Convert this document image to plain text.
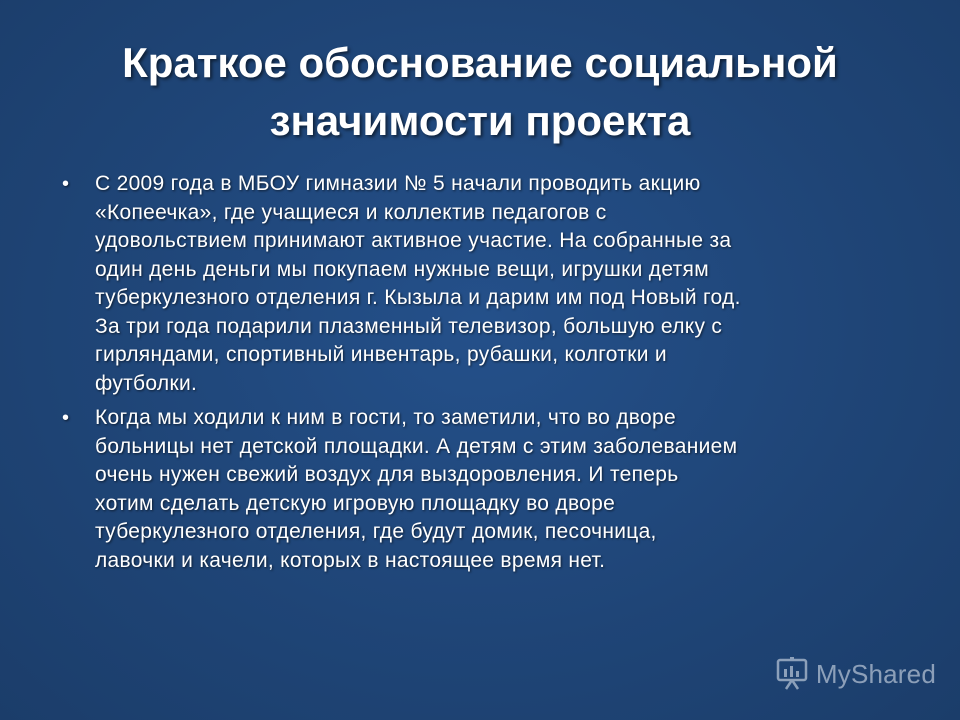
Краткое обоснование социальной
значимости проекта
• С 2009 года в МБОУ гимназии № 5 начали проводить акцию
«Копеечка», где учащиеся и коллектив педагогов с
удовольствием принимают активное участие. На собранные за
один день деньги мы покупаем нужные вещи, игрушки детям
туберкулезного отделения г. Кызыла и дарим им под Новый год.
За три года подарили плазменный телевизор, большую елку с
гирляндами, спортивный инвентарь, рубашки, колготки и
футболки.
• Когда мы ходили к ним в гости, то заметили, что во дворе
больницы нет детской площадки. А детям с этим заболеванием
очень нужен свежий воздух для выздоровления. И теперь
хотим сделать детскую игровую площадку во дворе
туберкулезного отделения, где будут домик, песочница,
лавочки и качели, которых в настоящее время нет.
MyShared
